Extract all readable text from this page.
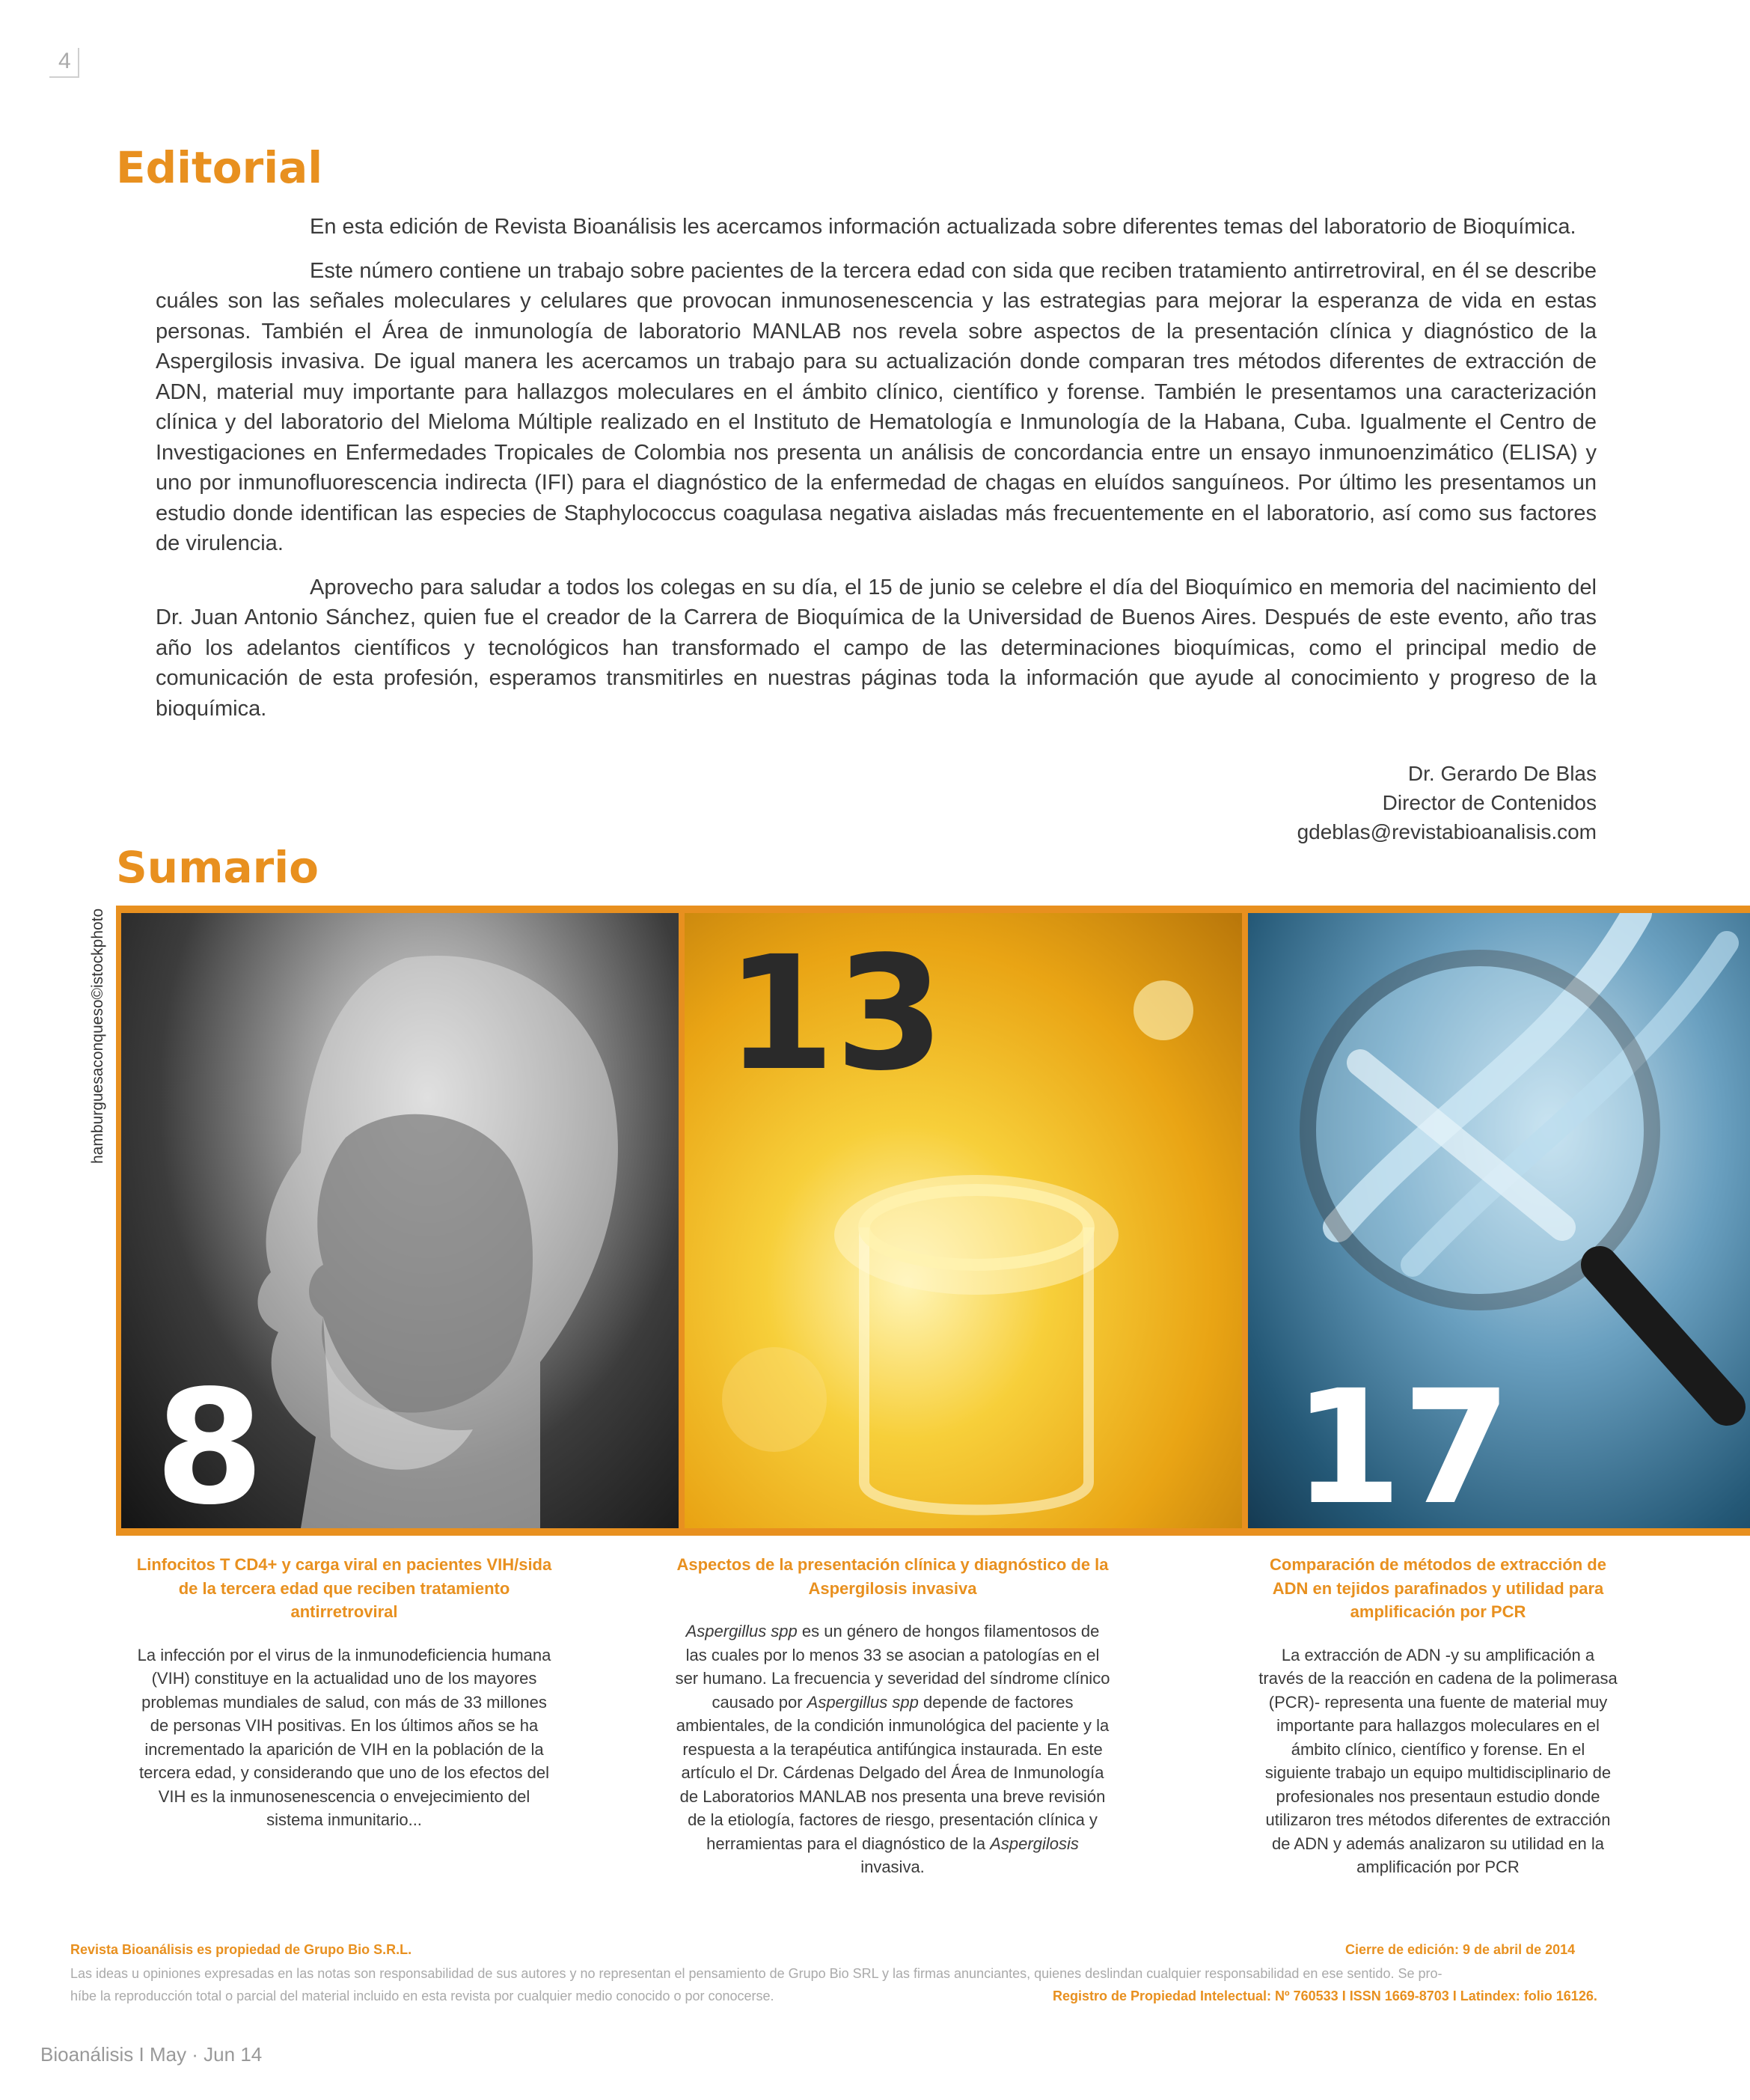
4
Editorial

En esta edición de Revista Bioanálisis les acercamos información actualizada sobre diferentes temas del laboratorio de Bioquímica.

Este número contiene un trabajo sobre pacientes de la tercera edad con sida que reciben tratamiento antirretroviral, en él se describe cuáles son las señales moleculares y celulares que provocan inmunosenescencia y las estrategias para mejorar la esperanza de vida en estas personas. También el Área de inmunología de laboratorio MANLAB nos revela sobre aspectos de la presentación clínica y diagnóstico de la Aspergilosis invasiva. De igual manera les acercamos un trabajo para su actualización donde comparan tres métodos diferentes de extracción de ADN, material muy importante para hallazgos moleculares en el ámbito clínico, científico y forense. También le presentamos una caracterización clínica y del laboratorio del Mieloma Múltiple realizado en el Instituto de Hematología e Inmunología de la Habana, Cuba. Igualmente el Centro de Investigaciones en Enfermedades Tropicales de Colombia nos presenta un análisis de concordancia entre un ensayo inmunoenzimático (ELISA) y uno por inmunofluorescencia indirecta (IFI) para el diagnóstico de la enfermedad de chagas en eluídos sanguíneos. Por último les presentamos un estudio donde identifican las especies de Staphylococcus coagulasa negativa aisladas más frecuentemente en el laboratorio, así como sus factores de virulencia.

Aprovecho para saludar a todos los colegas en su día, el 15 de junio se celebre el día del Bioquímico en memoria del nacimiento del Dr. Juan Antonio Sánchez, quien fue el creador de la Carrera de Bioquímica de la Universidad de Buenos Aires. Después de este evento, año tras año los adelantos científicos y tecnológicos han transformado el campo de las determinaciones bioquímicas, como el principal medio de comunicación de esta profesión, esperamos transmitirles en nuestras páginas toda la información que ayude al conocimiento y progreso de la bioquímica.

Dr. Gerardo De Blas
Director de Contenidos
gdeblas@revistabioanalisis.com
Sumario
hamburguesaconqueso©istockphoto
8
13
17
Linfocitos T CD4+ y carga viral en pacientes VIH/sida de la tercera edad que reciben tratamiento antirretroviral
La infección por el virus de la inmunodeficiencia humana (VIH) constituye en la actualidad uno de los mayores problemas mundiales de salud, con más de 33 millones de personas VIH positivas. En los últimos años se ha incrementado la aparición de VIH en la población de la tercera edad, y considerando que uno de los efectos del VIH es la inmunosenescencia o envejecimiento del sistema inmunitario...
Aspectos de la presentación clínica y diagnóstico de la Aspergilosis invasiva
Aspergillus spp es un género de hongos filamentosos de las cuales por lo menos 33 se asocian a patologías en el ser humano. La frecuencia y severidad del síndrome clínico causado por Aspergillus spp depende de factores ambientales, de la condición inmunológica del paciente y la respuesta a la terapéutica antifúngica instaurada. En este artículo el Dr. Cárdenas Delgado del Área de Inmunología de Laboratorios MANLAB nos presenta una breve revisión de la etiología, factores de riesgo, presentación clínica y herramientas para el diagnóstico de la Aspergilosis invasiva.
Comparación de métodos de extracción de ADN en tejidos parafinados y utilidad para amplificación por PCR
La extracción de ADN -y su amplificación a través de la reacción en cadena de la polimerasa (PCR)- representa una fuente de material muy importante para hallazgos moleculares en el ámbito clínico, científico y forense. En el siguiente trabajo un equipo multidisciplinario de profesionales nos presentaun estudio donde utilizaron tres métodos diferentes de extracción de ADN y además analizaron su utilidad en la amplificación por PCR
Revista Bioanálisis es propiedad de Grupo Bio S.R.L.	Cierre de edición: 9 de abril de 2014
Las ideas u opiniones expresadas en las notas son responsabilidad de sus autores y no representan el pensamiento de Grupo Bio SRL y las firmas anunciantes, quienes deslindan cualquier responsabilidad en ese sentido. Se pro-
híbe la reproducción total o parcial del material incluido en esta revista por cualquier medio conocido o por conocerse.	Registro de Propiedad Intelectual: Nº 760533 I ISSN 1669-8703 I Latindex: folio 16126.
Bioanálisis I May · Jun 14
